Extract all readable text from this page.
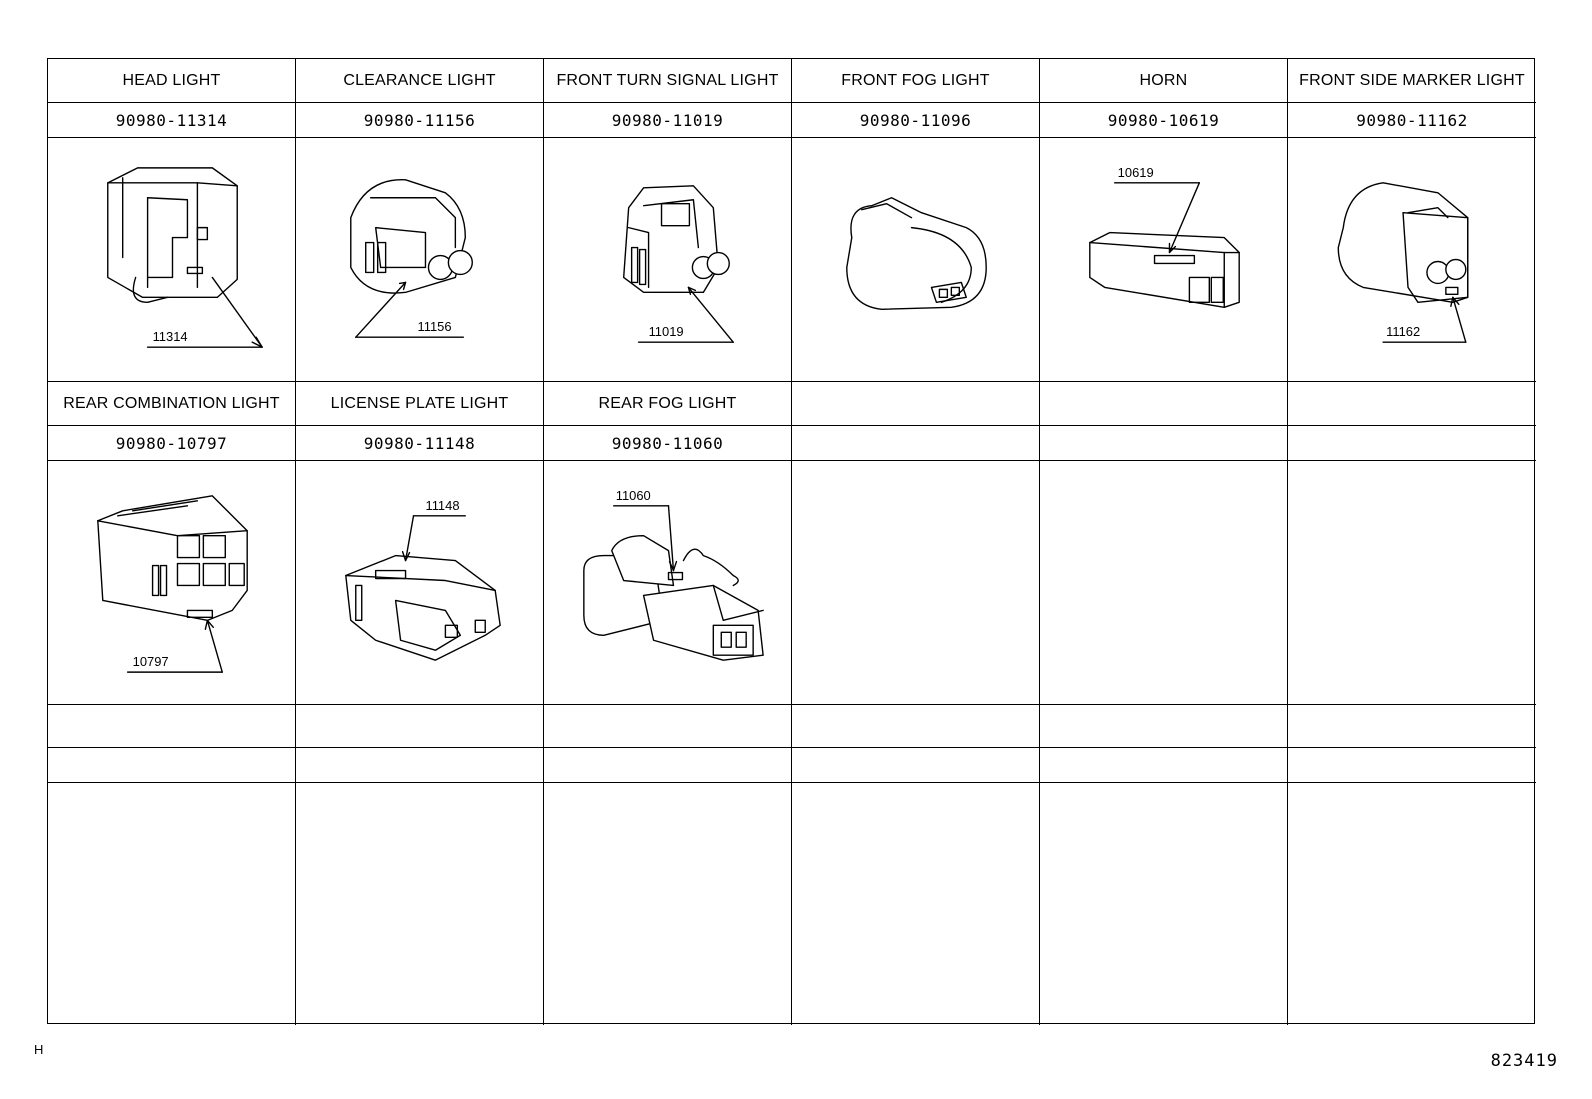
HEAD LIGHT	CLEARANCE LIGHT	FRONT TURN SIGNAL LIGHT	FRONT FOG LIGHT	HORN	FRONT SIDE MARKER LIGHT
90980-11314	90980-11156	90980-11019	90980-11096	90980-10619	90980-11162
11314
11156	11019
10619
11162
REAR COMBINATION LIGHT	LICENSE PLATE LIGHT	REAR FOG LIGHT
90980-10797	90980-11148	90980-11060
10797
11148
11060
H
823419
